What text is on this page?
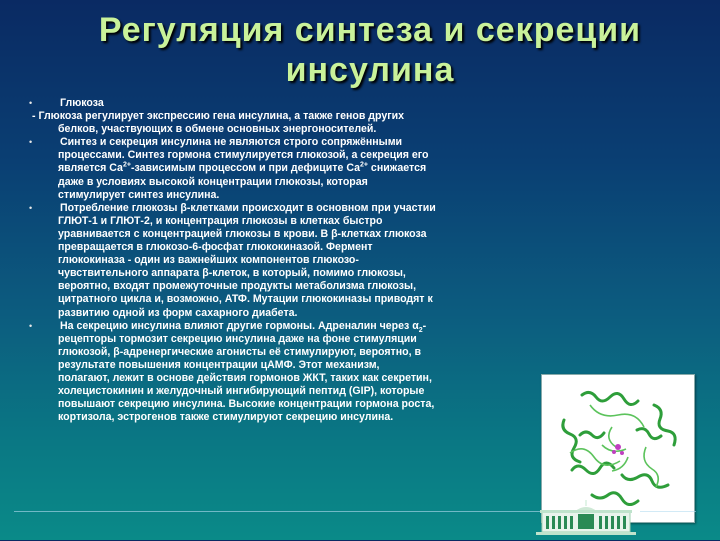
Регуляция синтеза и секреции
инсулина
•	Глюкоза
- Глюкоза регулирует экспрессию гена инсулина, а также генов других
белков, участвующих в обмене основных энергоносителей.
•	Синтез и секреция инсулина не являются строго сопряжёнными
процессами. Синтез гормона стимулируется глюкозой, а секреция его
является $Са^{2+}$-зависимым процессом и при дефиците $Са^{2+}$ снижается
даже в условиях высокой концентрации глюкозы, которая
стимулирует синтез инсулина.
•	Потребление глюкозы β-клетками происходит в основном при участии
ГЛЮТ-1 и ГЛЮТ-2, и концентрация глюкозы в клетках быстро
уравнивается с концентрацией глюкозы в крови. В β-клетках глюкоза
превращается в глюкозо-6-фосфат глюкокиназой. Фермент
глюкокиназа - один из важнейших компонентов глюкозо-
чувствительного аппарата β-клеток, в который, помимо глюкозы,
вероятно, входят промежуточные продукты метаболизма глюкозы,
цитратного цикла и, возможно, АТФ. Мутации глюкокиназы приводят к
развитию одной из форм сахарного диабета.
•	На секрецию инсулина влияют другие гормоны. Адреналин через $\alpha_2-$
рецепторы тормозит секрецию инсулина даже на фоне стимуляции
глюкозой, β-адренергические агонисты её стимулируют, вероятно, в
результате повышения концентрации цАМФ. Этот механизм,
полагают, лежит в основе действия гормонов ЖКТ, таких как секретин,
холецистокинин и желудочный ингибирующий пептид (GIP), которые
повышают секрецию инсулина. Высокие концентрации гормона роста,
кортизола, эстрогенов также стимулируют секрецию инсулина.
